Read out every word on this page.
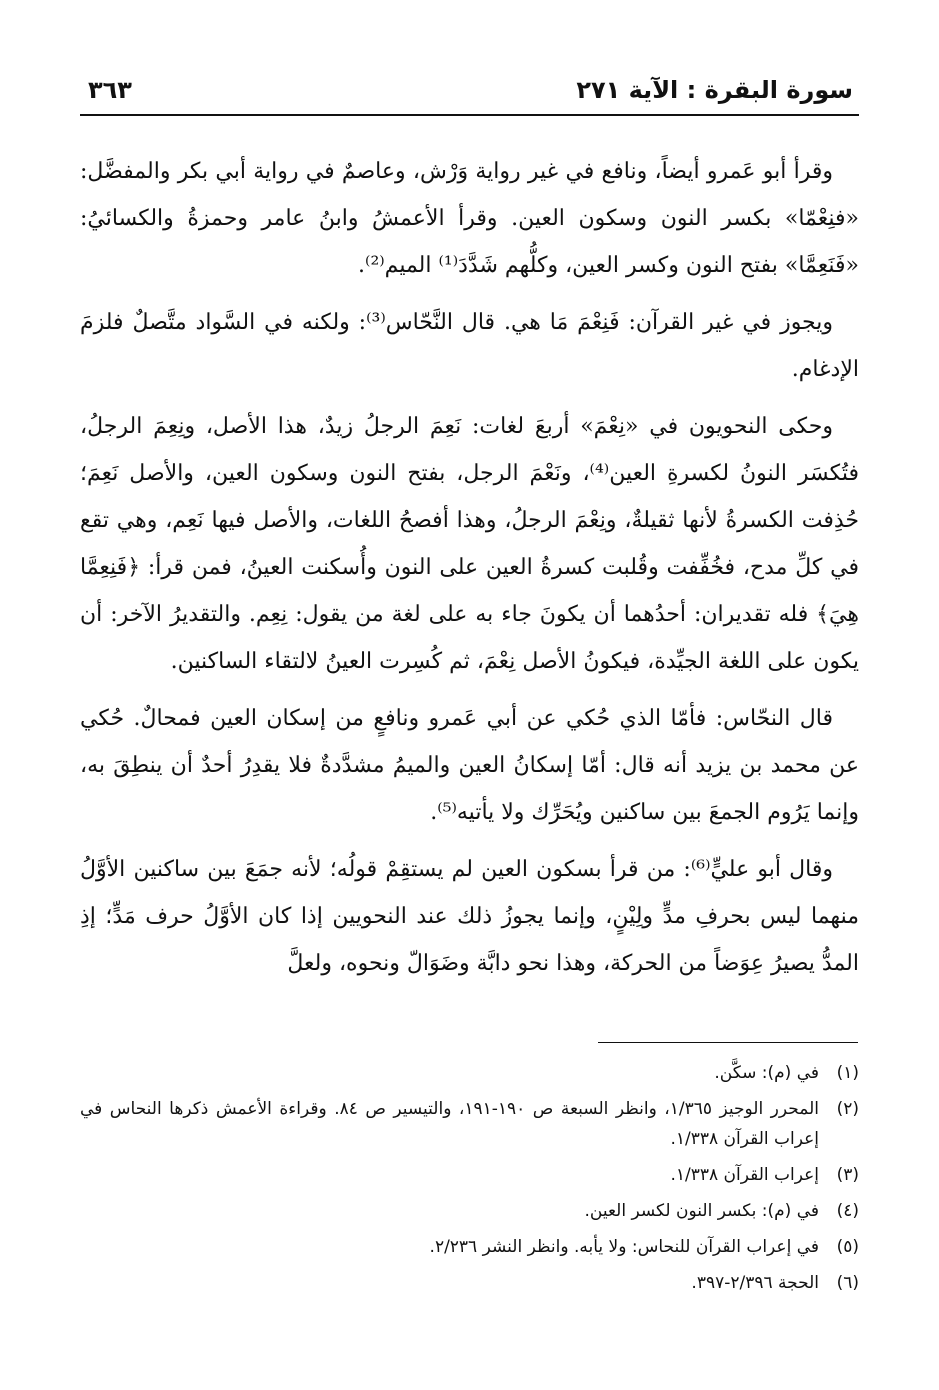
سورة البقرة : الآية ٢٧١
٣٦٣

وقرأ أبو عَمرو أيضاً، ونافع في غير رواية وَرْش، وعاصمٌ في رواية أبي بكر والمفضَّل: «فنِعْمّا» بكسر النون وسكون العين. وقرأ الأعمشُ وابنُ عامر وحمزةُ والكسائيُ: «فَنَعِمَّا» بفتح النون وكسر العين، وكلُّهم شَدَّدَ⁽¹⁾ الميم⁽²⁾.

ويجوز في غير القرآن: فَنِعْمَ مَا هي. قال النَّحّاس⁽³⁾: ولكنه في السَّواد متَّصلٌ فلزمَ الإدغام.

وحكى النحويون في «نِعْمَ» أربعَ لغات: نَعِمَ الرجلُ زيدٌ، هذا الأصل، ونِعِمَ الرجلُ، فتُكسَر النونُ لكسرةِ العين⁽⁴⁾، ونَعْمَ الرجل، بفتح النون وسكون العين، والأصل نَعِمَ؛ حُذِفت الكسرةُ لأنها ثقيلةٌ، ونِعْمَ الرجلُ، وهذا أفصحُ اللغات، والأصل فيها نَعِم، وهي تقع في كلِّ مدح، فخُفِّفت وقُلبت كسرةُ العين على النون وأُسكنت العينُ، فمن قرأ: ﴿فَنِعِمَّا هِيَ﴾ فله تقديران: أحدُهما أن يكونَ جاء به على لغة من يقول: نِعِم. والتقديرُ الآخر: أن يكون على اللغة الجيِّدة، فيكونُ الأصل نِعْمَ، ثم كُسِرت العينُ لالتقاء الساكنين.

قال النحّاس: فأمّا الذي حُكي عن أبي عَمرو ونافعٍ من إسكان العين فمحالٌ. حُكي عن محمد بن يزيد أنه قال: أمّا إسكانُ العين والميمُ مشدَّدةٌ فلا يقدِرُ أحدٌ أن ينطِقَ به، وإنما يَرُوم الجمعَ بين ساكنين ويُحَرِّك ولا يأتيه⁽⁵⁾.

وقال أبو عليٍّ⁽⁶⁾: من قرأ بسكون العين لم يستقِمْ قولُه؛ لأنه جمَعَ بين ساكنين الأوَّلُ منهما ليس بحرفِ مدٍّ ولِيْنٍ، وإنما يجوزُ ذلك عند النحويين إذا كان الأوَّلُ حرف مَدٍّ؛ إذِ المدُّ يصيرُ عِوَضاً من الحركة، وهذا نحو دابَّة وضَوَالّ ونحوه، ولعلَّ

(١)
في (م): سكَّن.
(٢)
المحرر الوجيز ١/٣٦٥، وانظر السبعة ص ١٩٠-١٩١، والتيسير ص ٨٤. وقراءة الأعمش ذكرها النحاس في إعراب القرآن ١/٣٣٨.
(٣)
إعراب القرآن ١/٣٣٨.
(٤)
في (م): بكسر النون لكسر العين.
(٥)
في إعراب القرآن للنحاس: ولا يأبه. وانظر النشر ٢/٢٣٦.
(٦)
الحجة ٢/٣٩٦-٣٩٧.
